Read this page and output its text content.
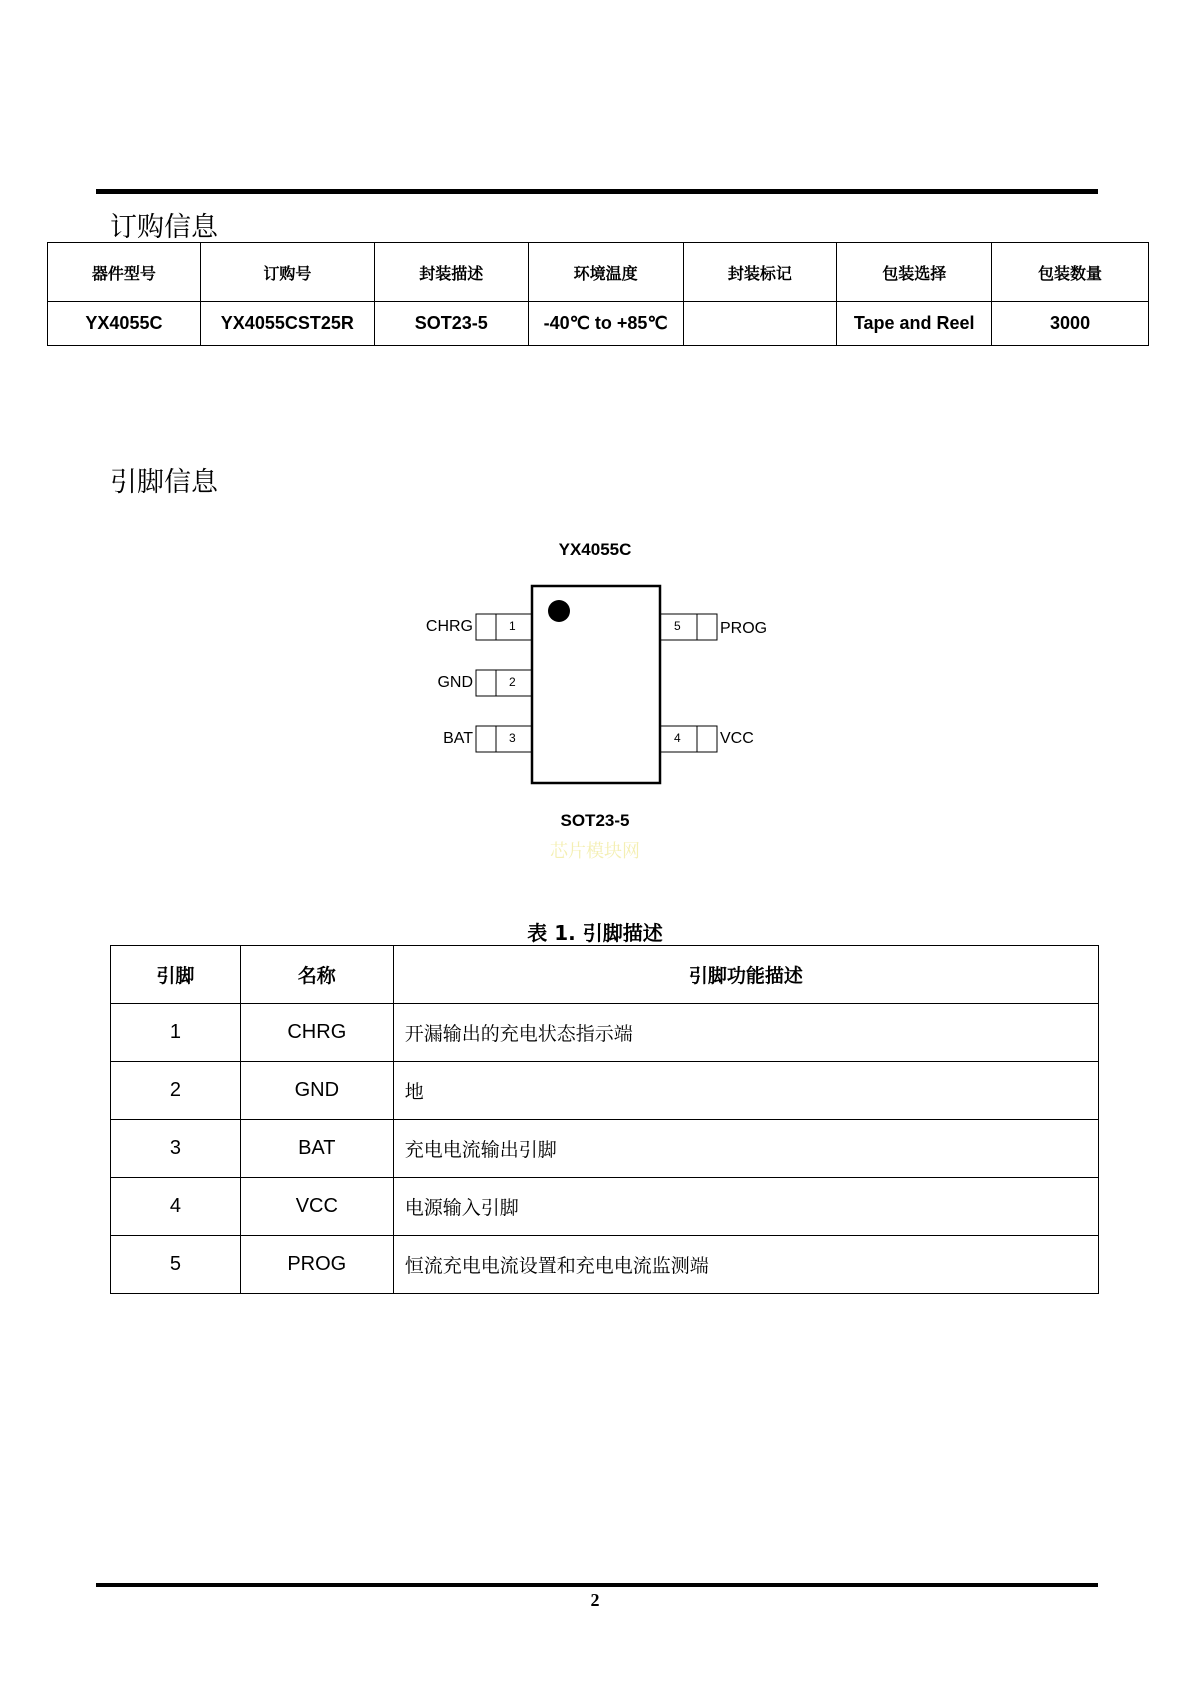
订购信息
器件型号	订购号	封装描述	环境温度	封装标记	包装选择	包装数量
YX4055C	YX4055CST25R	SOT23-5	-40℃ to +85℃		Tape and Reel	3000
引脚信息
YX4055C
CHRG	1
GND	2
BAT	3
5 PROG
4 VCC
SOT23-5
芯片模块网
表 1. 引脚描述
引脚	名称	引脚功能描述
1	CHRG	开漏输出的充电状态指示端
2	GND	地
3	BAT	充电电流输出引脚
4	VCC	电源输入引脚
5	PROG	恒流充电电流设置和充电电流监测端
2
